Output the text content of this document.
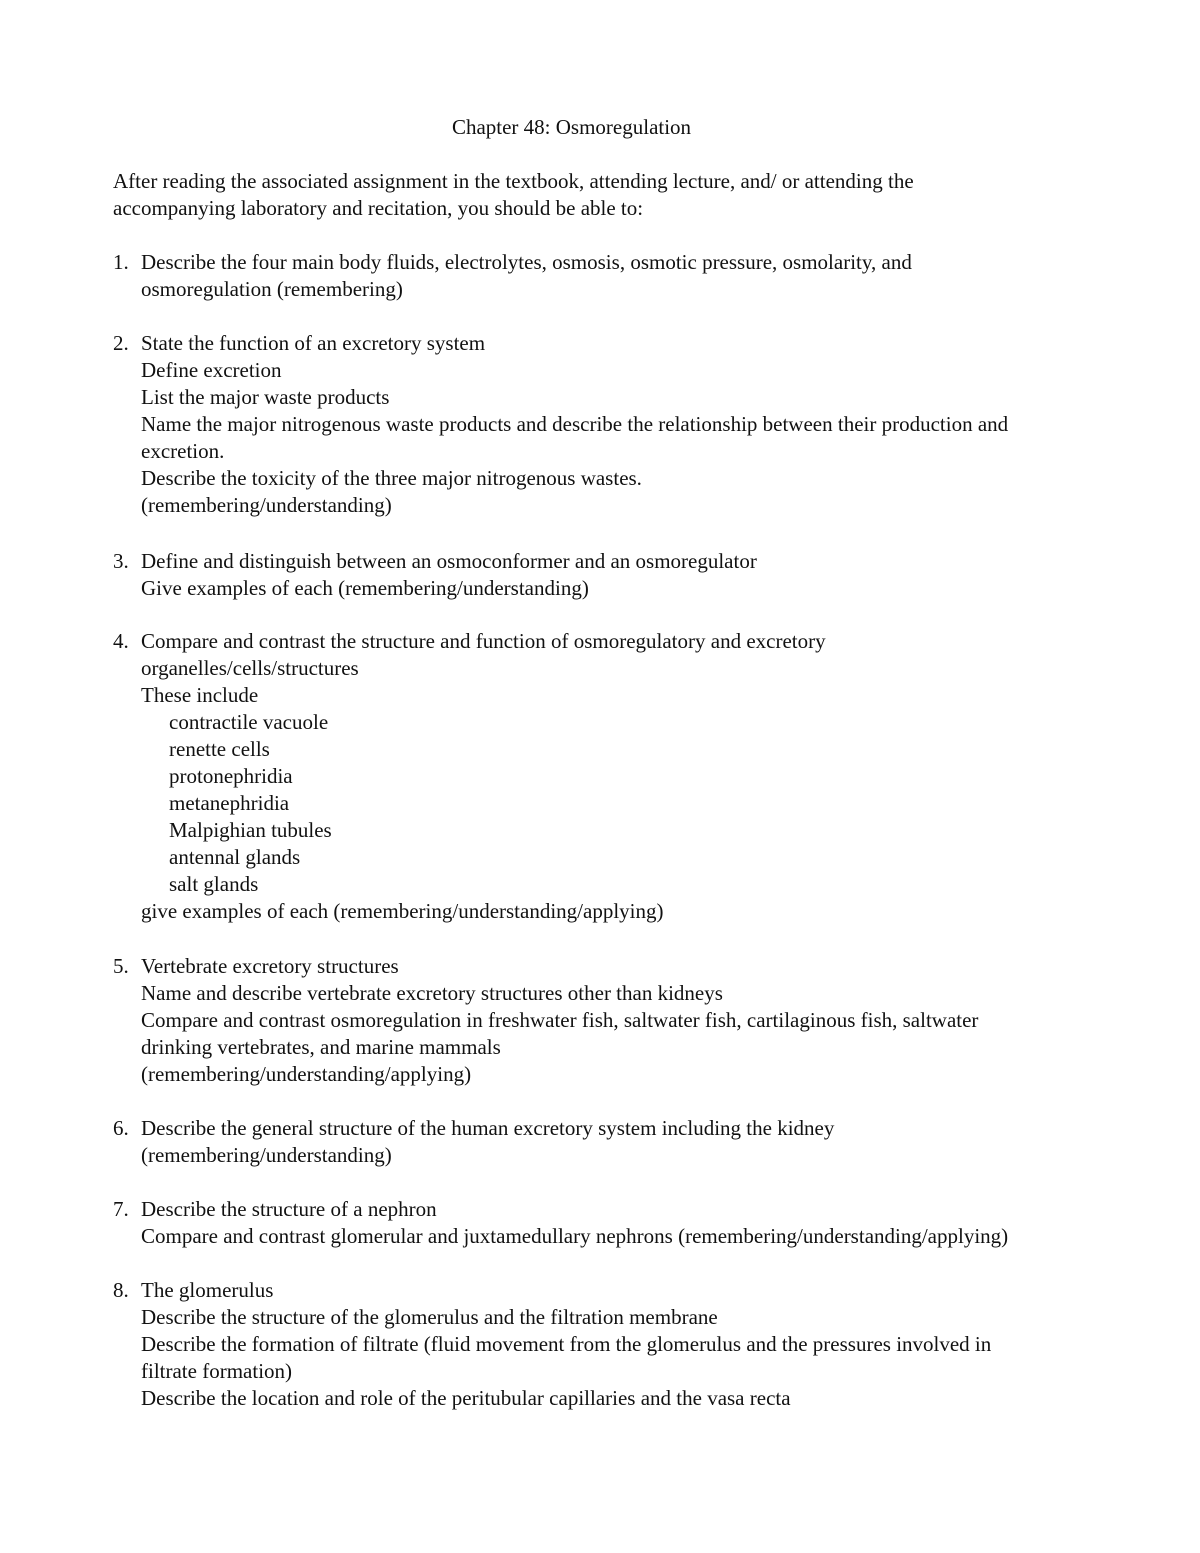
Chapter 48: Osmoregulation
After reading the associated assignment in the textbook, attending lecture, and/ or attending the
accompanying laboratory and recitation, you should be able to:
1. Describe the four main body fluids, electrolytes, osmosis, osmotic pressure, osmolarity, and
osmoregulation (remembering)
2. State the function of an excretory system
Define excretion
List the major waste products
Name the major nitrogenous waste products and describe the relationship between their production and
excretion.
Describe the toxicity of the three major nitrogenous wastes.
(remembering/understanding)
3. Define and distinguish between an osmoconformer and an osmoregulator
Give examples of each (remembering/understanding)
4. Compare and contrast the structure and function of osmoregulatory and excretory
organelles/cells/structures
These include
contractile vacuole
renette cells
protonephridia
metanephridia
Malpighian tubules
antennal glands
salt glands
give examples of each (remembering/understanding/applying)
5. Vertebrate excretory structures
Name and describe vertebrate excretory structures other than kidneys
Compare and contrast osmoregulation in freshwater fish, saltwater fish, cartilaginous fish, saltwater
drinking vertebrates, and marine mammals
(remembering/understanding/applying)
6. Describe the general structure of the human excretory system including the kidney
(remembering/understanding)
7. Describe the structure of a nephron
Compare and contrast glomerular and juxtamedullary nephrons (remembering/understanding/applying)
8. The glomerulus
Describe the structure of the glomerulus and the filtration membrane
Describe the formation of filtrate (fluid movement from the glomerulus and the pressures involved in
filtrate formation)
Describe the location and role of the peritubular capillaries and the vasa recta
